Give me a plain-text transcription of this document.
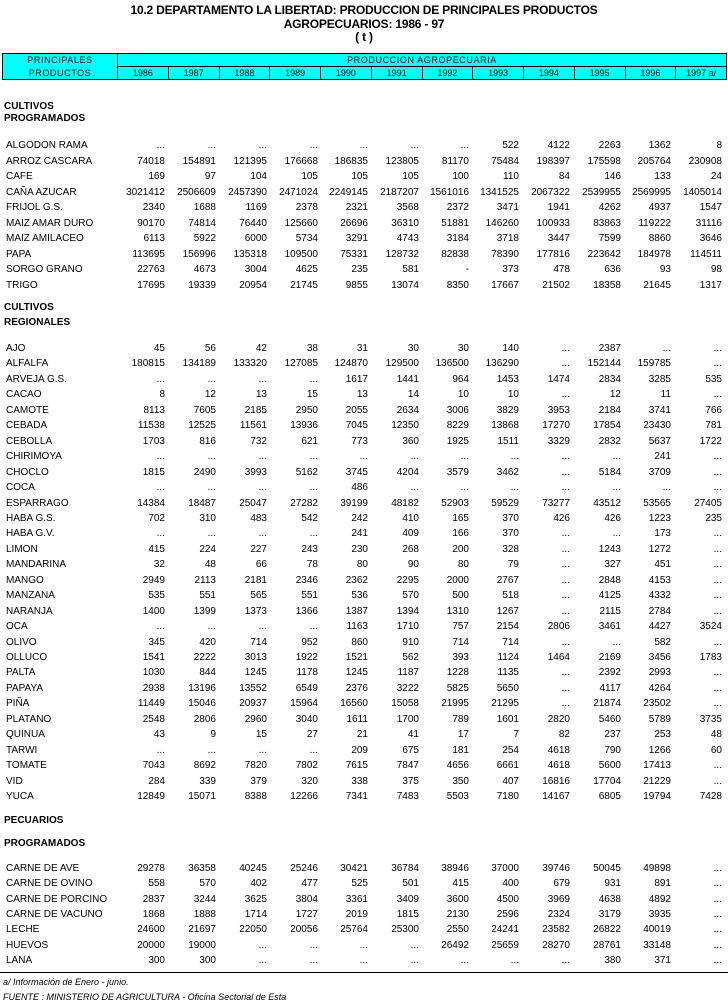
10.2 DEPARTAMENTO LA LIBERTAD: PRODUCCION DE PRINCIPALES PRODUCTOS
AGROPECUARIOS: 1986 - 97
( t )
PRINCIPALES
PRODUCTOS
PRODUCCION AGROPECUARIA
1986	1987	1988	1989	1990	1991	1992	1993	1994	1995	1996	1997 a/
CULTIVOS
PROGRAMADOS
ALGODON RAMA	...	...	...	...	...	...	...	522	4122	2263	1362	8
ARROZ CASCARA	74018	154891	121395	176668	186835	123805	81170	75484	198397	175598	205764	230908
CAFE	169	97	104	105	105	105	100	110	84	146	133	24
CAÑA AZUCAR	3021412	2506609	2457390	2471024	2249145	2187207	1561016	1341525	2067322	2539955	2569995	1405014
FRIJOL G.S.	2340	1688	1169	2378	2321	3568	2372	3471	1941	4262	4937	1547
MAIZ AMAR DURO	90170	74814	76440	125660	26696	36310	51881	146260	100933	83863	119222	31116
MAIZ AMILACEO	6113	5922	6000	5734	3291	4743	3184	3718	3447	7599	8860	3646
PAPA	113695	156996	135318	109500	75331	128732	82838	78390	177816	223642	184978	114511
SORGO GRANO	22763	4673	3004	4625	235	581	-	373	478	636	93	98
TRIGO	17695	19339	20954	21745	9855	13074	8350	17667	21502	18358	21645	1317
CULTIVOS
REGIONALES
AJO	45	56	42	38	31	30	30	140	...	2387	...	...
ALFALFA	180815	134189	133320	127085	124870	129500	136500	136290	...	152144	159785	...
ARVEJA G.S.	...	...	...	...	1617	1441	964	1453	1474	2834	3285	535
CACAO	8	12	13	15	13	14	10	10	...	12	11	...
CAMOTE	8113	7605	2185	2950	2055	2634	3006	3829	3953	2184	3741	766
CEBADA	11538	12525	11561	13936	7045	12350	8229	13868	17270	17854	23430	781
CEBOLLA	1703	816	732	621	773	360	1925	1511	3329	2832	5637	1722
CHIRIMOYA	...	...	...	...	...	...	...	...	...	...	241	...
CHOCLO	1815	2490	3993	5162	3745	4204	3579	3462	...	5184	3709	...
COCA	...	...	...	...	486	...	...	...	...	...	...	...
ESPARRAGO	14384	18487	25047	27282	39199	48182	52903	59529	73277	43512	53565	27405
HABA G.S.	702	310	483	542	242	410	165	370	426	426	1223	235
HABA G.V.	...	...	...	...	241	409	166	370	...	...	173	...
LIMON	415	224	227	243	230	268	200	328	...	1243	1272	...
MANDARINA	32	48	66	78	80	90	80	79	...	327	451	...
MANGO	2949	2113	2181	2346	2362	2295	2000	2767	...	2848	4153	...
MANZANA	535	551	565	551	536	570	500	518	...	4125	4332	...
NARANJA	1400	1399	1373	1366	1387	1394	1310	1267	...	2115	2784	...
OCA	...	...	...	...	1163	1710	757	2154	2806	3461	4427	3524
OLIVO	345	420	714	952	860	910	714	714	...	...	582	...
OLLUCO	1541	2222	3013	1922	1521	562	393	1124	1464	2169	3456	1783
PALTA	1030	844	1245	1178	1245	1187	1228	1135	...	2392	2993	...
PAPAYA	2938	13196	13552	6549	2376	3222	5825	5650	...	4117	4264	...
PIÑA	11449	15046	20937	15964	16560	15058	21995	21295	...	21874	23502	...
PLATANO	2548	2806	2960	3040	1611	1700	789	1601	2820	5460	5789	3735
QUINUA	43	9	15	27	21	41	17	7	82	237	253	48
TARWI	...	...	...	...	209	675	181	254	4618	790	1266	60
TOMATE	7043	8692	7820	7802	7615	7847	4656	6661	4618	5600	17413	...
VID	284	339	379	320	338	375	350	407	16816	17704	21229	...
YUCA	12849	15071	8388	12266	7341	7483	5503	7180	14167	6805	19794	7428
PECUARIOS
PROGRAMADOS
CARNE DE AVE	29278	36358	40245	25246	30421	36784	38946	37000	39746	50045	49898	...
CARNE DE OVINO	558	570	402	477	525	501	415	400	679	931	891	...
CARNE DE PORCINO	2837	3244	3625	3804	3361	3409	3600	4500	3969	4638	4892	...
CARNE DE VACUNO	1868	1888	1714	1727	2019	1815	2130	2596	2324	3179	3935	...
LECHE	24600	21697	22050	20056	25764	25300	2550	24241	23582	26822	40019	...
HUEVOS	20000	19000	...	...	...	...	26492	25659	28270	28761	33148	...
LANA	300	300	...	...	...	...	...	...	...	380	371	...
a/ Información de Enero - junio.
FUENTE : MINISTERIO DE AGRICULTURA - Oficina Sectorial de Esta
